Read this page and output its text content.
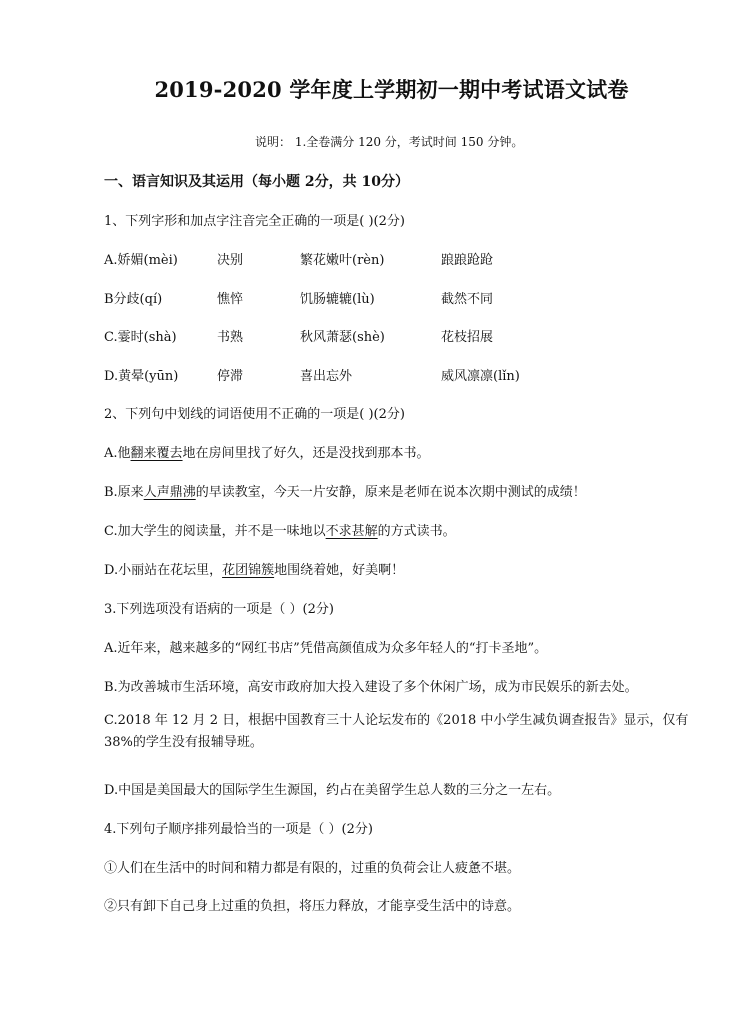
2019-2020 学年度上学期初一期中考试语文试卷
说明： 1.全卷满分 120 分，考试时间 150 分钟。
一、语言知识及其运用（每小题 2分，共 10分）
1、下列字形和加点字注音完全正确的一项是( )(2分)
A.娇媚(mèi)	决别	繁花嫩叶(rèn)	踉踉跄跄
B分歧(qí)	憔悴	饥肠辘辘(lù)	截然不同
C.霎时(shà)	书熟	秋风萧瑟(shè)	花枝招展
D.黄晕(yūn)	停滞	喜出忘外	威风凛凛(lǐn)
2、下列句中划线的词语使用不正确的一项是( )(2分)
A.他翻来覆去地在房间里找了好久，还是没找到那本书。
B.原来人声鼎沸的早读教室，今天一片安静，原来是老师在说本次期中测试的成绩！
C.加大学生的阅读量，并不是一味地以不求甚解的方式读书。
D.小丽站在花坛里，花团锦簇地围绕着她，好美啊！
3.下列选项没有语病的一项是（ ）(2分)
A.近年来，越来越多的“网红书店”凭借高颜值成为众多年轻人的“打卡圣地”。
B.为改善城市生活环境，高安市政府加大投入建设了多个休闲广场，成为市民娱乐的新去处。
C.2018 年 12 月 2 日，根据中国教育三十人论坛发布的《2018 中小学生减负调查报告》显示，仅有 38%的学生没有报辅导班。
D.中国是美国最大的国际学生生源国，约占在美留学生总人数的三分之一左右。
4.下列句子顺序排列最恰当的一项是（ ）(2分)
①人们在生活中的时间和精力都是有限的，过重的负荷会让人疲惫不堪。
②只有卸下自己身上过重的负担，将压力释放，才能享受生活中的诗意。
